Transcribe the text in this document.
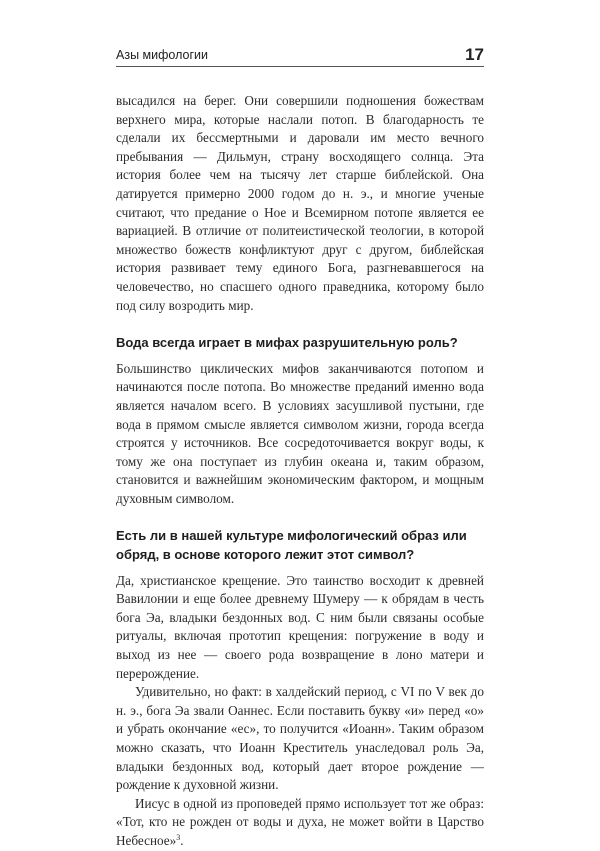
Азы мифологии	17

высадился на берег. Они совершили подношения божествам верхнего мира, которые наслали потоп. В благодарность те сделали их бессмертными и даровали им место вечного пребывания — Дильмун, страну восходящего солнца. Эта история более чем на тысячу лет старше библейской. Она датируется примерно 2000 годом до н. э., и многие ученые считают, что предание о Ное и Всемирном потопе является ее вариацией. В отличие от политеистической теологии, в которой множество божеств конфликтуют друг с другом, библейская история развивает тему единого Бога, разгневавшегося на человечество, но спасшего одного праведника, которому было под силу возродить мир.

Вода всегда играет в мифах разрушительную роль?

Большинство циклических мифов заканчиваются потопом и начинаются после потопа. Во множестве преданий именно вода является началом всего. В условиях засушливой пустыни, где вода в прямом смысле является символом жизни, города всегда строятся у источников. Все сосредоточивается вокруг воды, к тому же она поступает из глубин океана и, таким образом, становится и важнейшим экономическим фактором, и мощным духовным символом.

Есть ли в нашей культуре мифологический образ или обряд, в основе которого лежит этот символ?

Да, христианское крещение. Это таинство восходит к древней Вавилонии и еще более древнему Шумеру — к обрядам в честь бога Эа, владыки бездонных вод. С ним были связаны особые ритуалы, включая прототип крещения: погружение в воду и выход из нее — своего рода возвращение в лоно матери и перерождение.

Удивительно, но факт: в халдейский период, с VI по V век до н. э., бога Эа звали Оаннес. Если поставить букву «и» перед «о» и убрать окончание «ес», то получится «Иоанн». Таким образом можно сказать, что Иоанн Креститель унаследовал роль Эа, владыки бездонных вод, который дает второе рождение — рождение к духовной жизни.

Иисус в одной из проповедей прямо использует тот же образ: «Тот, кто не рожден от воды и духа, не может войти в Царство Небесное»$^3$.
